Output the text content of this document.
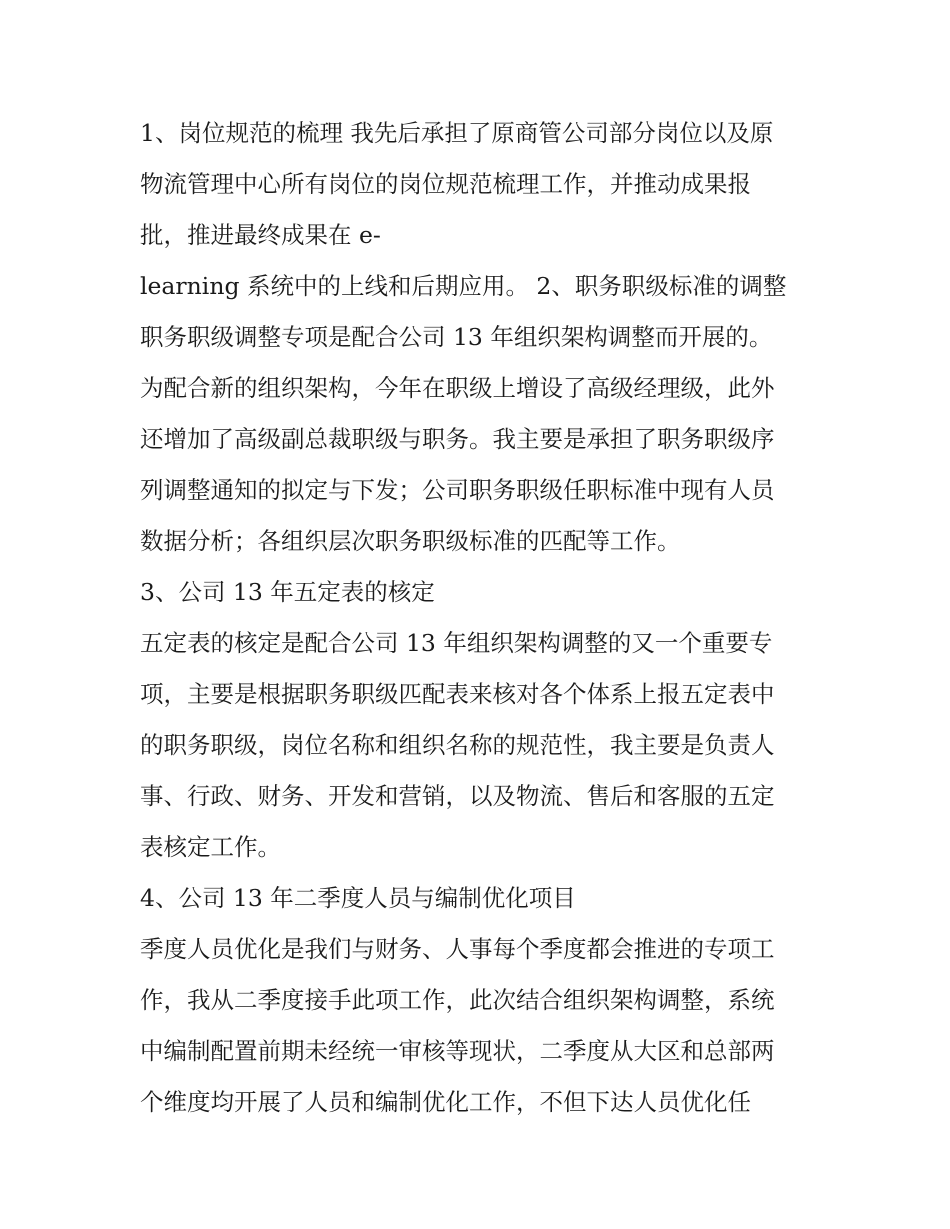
1、岗位规范的梳理 我先后承担了原商管公司部分岗位以及原
物流管理中心所有岗位的岗位规范梳理工作，并推动成果报
批，推进最终成果在 e-
learning 系统中的上线和后期应用。 2、职务职级标准的调整
职务职级调整专项是配合公司 13 年组织架构调整而开展的。
为配合新的组织架构，今年在职级上增设了高级经理级，此外
还增加了高级副总裁职级与职务。我主要是承担了职务职级序
列调整通知的拟定与下发；公司职务职级任职标准中现有人员
数据分析；各组织层次职务职级标准的匹配等工作。
3、公司 13 年五定表的核定
五定表的核定是配合公司 13 年组织架构调整的又一个重要专
项，主要是根据职务职级匹配表来核对各个体系上报五定表中
的职务职级，岗位名称和组织名称的规范性，我主要是负责人
事、行政、财务、开发和营销，以及物流、售后和客服的五定
表核定工作。
4、公司 13 年二季度人员与编制优化项目
季度人员优化是我们与财务、人事每个季度都会推进的专项工
作，我从二季度接手此项工作，此次结合组织架构调整，系统
中编制配置前期未经统一审核等现状，二季度从大区和总部两
个维度均开展了人员和编制优化工作，不但下达人员优化任
